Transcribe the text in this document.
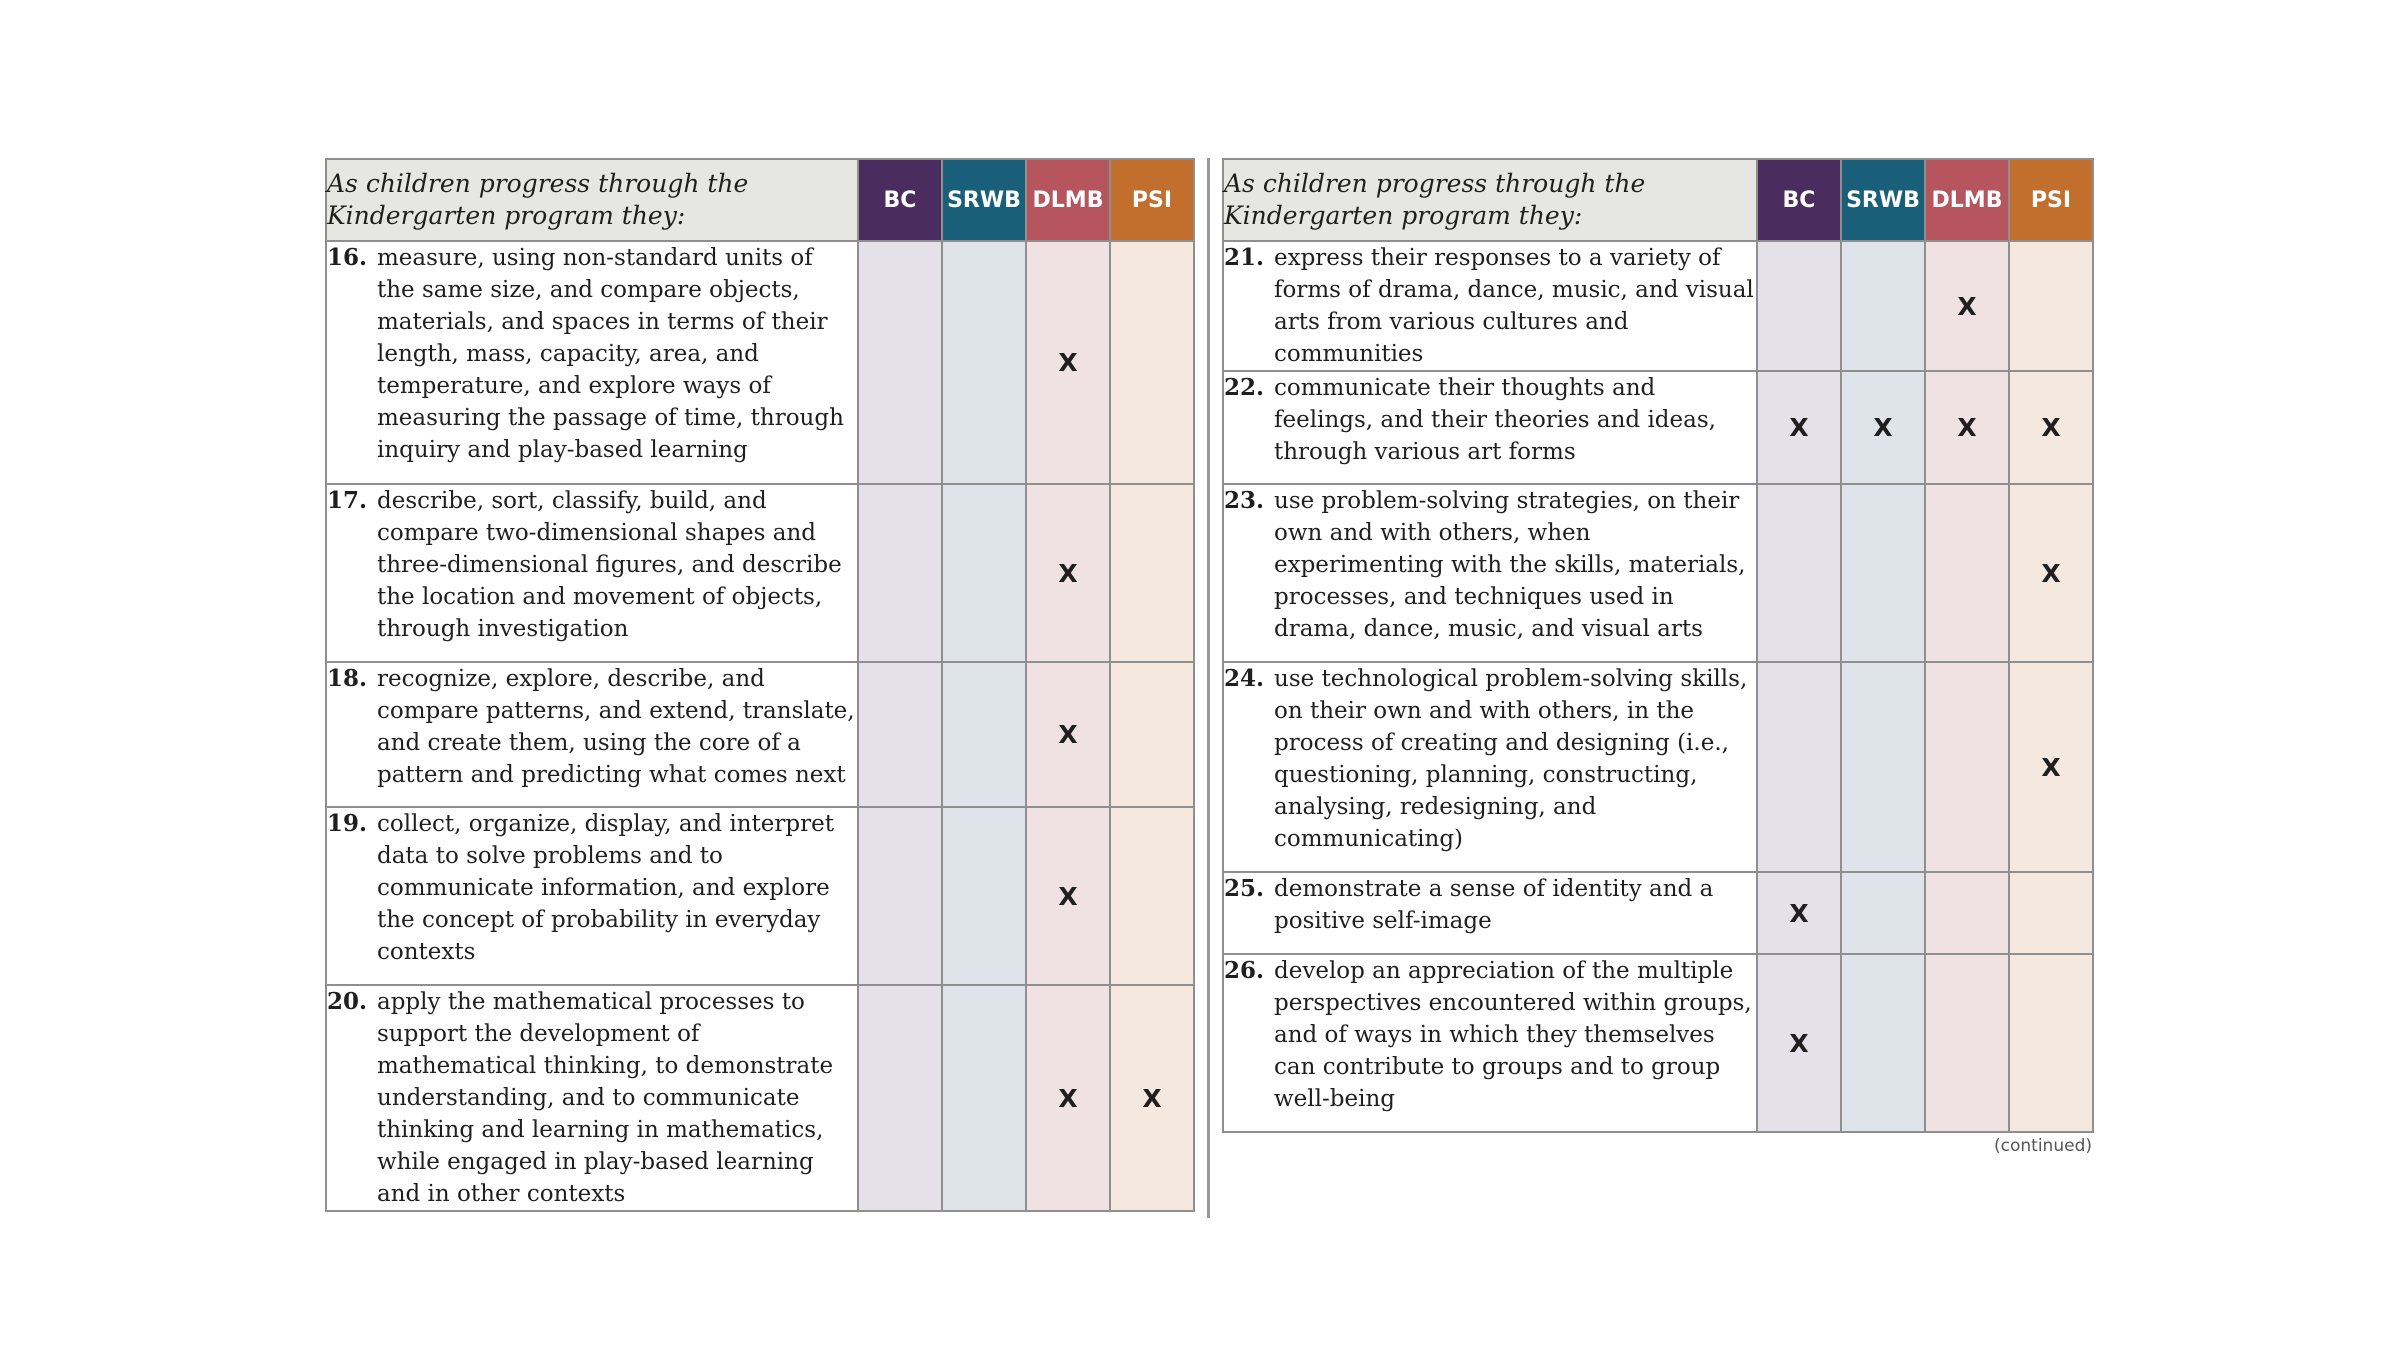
As children progress through the Kindergarten program they:	BC	SRWB	DLMB	PSI

16. measure, using non-standard units of the same size, and compare objects, materials, and spaces in terms of their length, mass, capacity, area, and temperature, and explore ways of measuring the passage of time, through inquiry and play-based learning			X	

17. describe, sort, classify, build, and compare two-dimensional shapes and three-dimensional figures, and describe the location and movement of objects, through investigation			X	

18. recognize, explore, describe, and compare patterns, and extend, translate, and create them, using the core of a pattern and predicting what comes next			X	

19. collect, organize, display, and interpret data to solve problems and to communicate information, and explore the concept of probability in everyday contexts			X	

20. apply the mathematical processes to support the development of mathematical thinking, to demonstrate understanding, and to communicate thinking and learning in mathematics, while engaged in play-based learning and in other contexts			X	X
As children progress through the Kindergarten program they:	BC	SRWB	DLMB	PSI

21. express their responses to a variety of forms of drama, dance, music, and visual arts from various cultures and communities			X	

22. communicate their thoughts and feelings, and their theories and ideas, through various art forms	X	X	X	X

23. use problem-solving strategies, on their own and with others, when experimenting with the skills, materials, processes, and techniques used in drama, dance, music, and visual arts				X

24. use technological problem-solving skills, on their own and with others, in the process of creating and designing (i.e., questioning, planning, constructing, analysing, redesigning, and communicating)				X

25. demonstrate a sense of identity and a positive self-image	X			

26. develop an appreciation of the multiple perspectives encountered within groups, and of ways in which they themselves can contribute to groups and to group well-being	X			
(continued)
